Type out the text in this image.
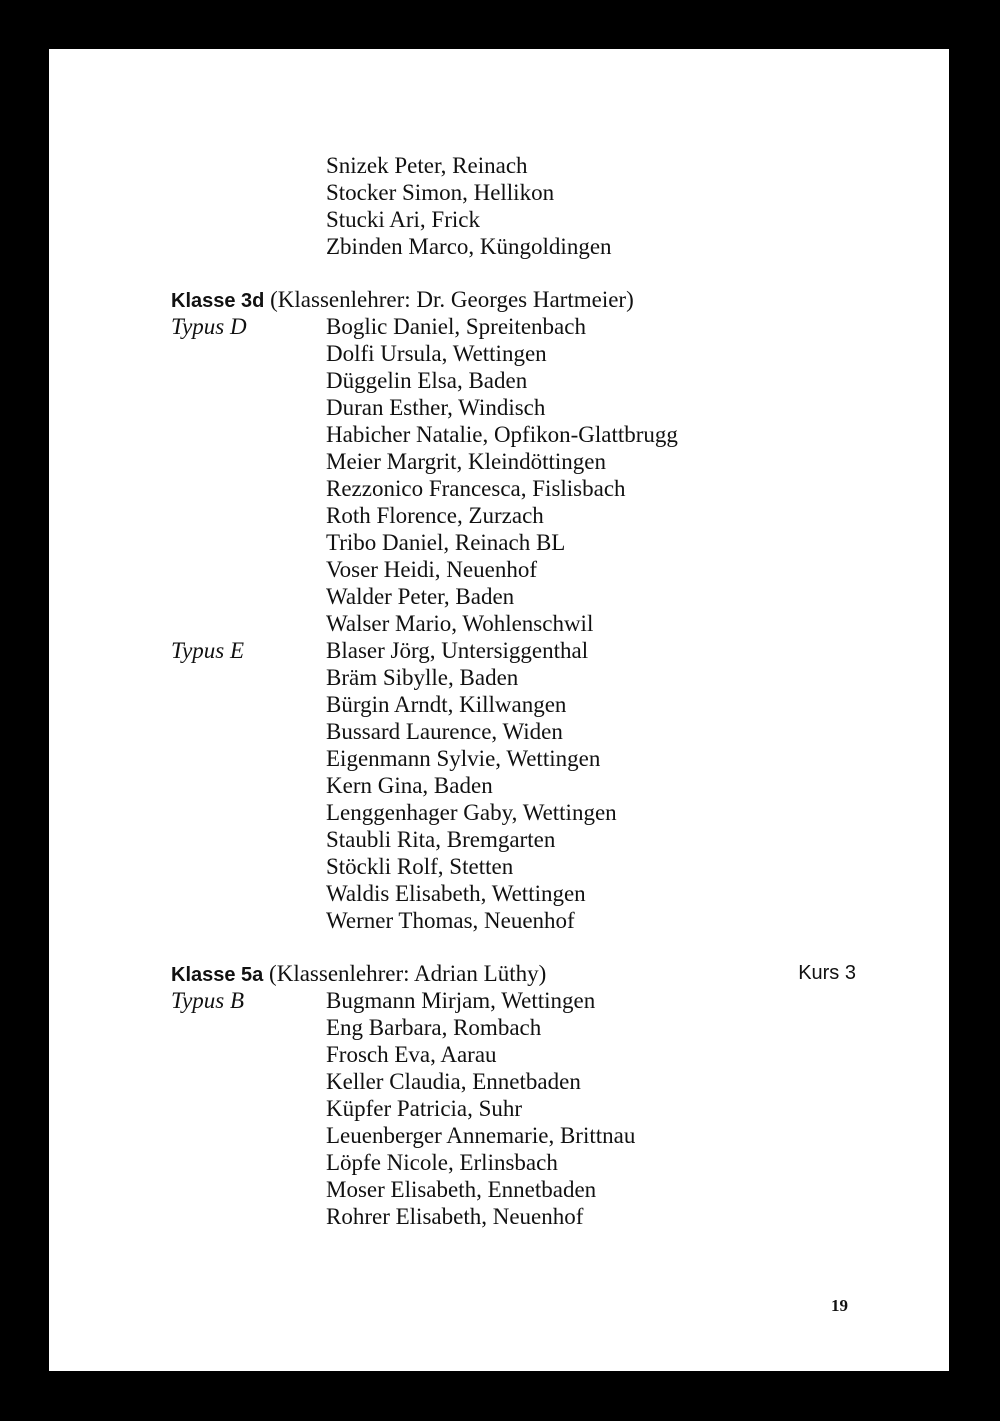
Snizek Peter, Reinach
Stocker Simon, Hellikon
Stucki Ari, Frick
Zbinden Marco, Küngoldingen
Klasse 3d (Klassenlehrer: Dr. Georges Hartmeier)
Typus D	Boglic Daniel, Spreitenbach
Dolfi Ursula, Wettingen
Düggelin Elsa, Baden
Duran Esther, Windisch
Habicher Natalie, Opfikon-Glattbrugg
Meier Margrit, Kleindöttingen
Rezzonico Francesca, Fislisbach
Roth Florence, Zurzach
Tribo Daniel, Reinach BL
Voser Heidi, Neuenhof
Walder Peter, Baden
Walser Mario, Wohlenschwil
Typus E	Blaser Jörg, Untersiggenthal
Bräm Sibylle, Baden
Bürgin Arndt, Killwangen
Bussard Laurence, Widen
Eigenmann Sylvie, Wettingen
Kern Gina, Baden
Lenggenhager Gaby, Wettingen
Staubli Rita, Bremgarten
Stöckli Rolf, Stetten
Waldis Elisabeth, Wettingen
Werner Thomas, Neuenhof
Klasse 5a (Klassenlehrer: Adrian Lüthy)	Kurs 3
Typus B	Bugmann Mirjam, Wettingen
Eng Barbara, Rombach
Frosch Eva, Aarau
Keller Claudia, Ennetbaden
Küpfer Patricia, Suhr
Leuenberger Annemarie, Brittnau
Löpfe Nicole, Erlinsbach
Moser Elisabeth, Ennetbaden
Rohrer Elisabeth, Neuenhof
19
